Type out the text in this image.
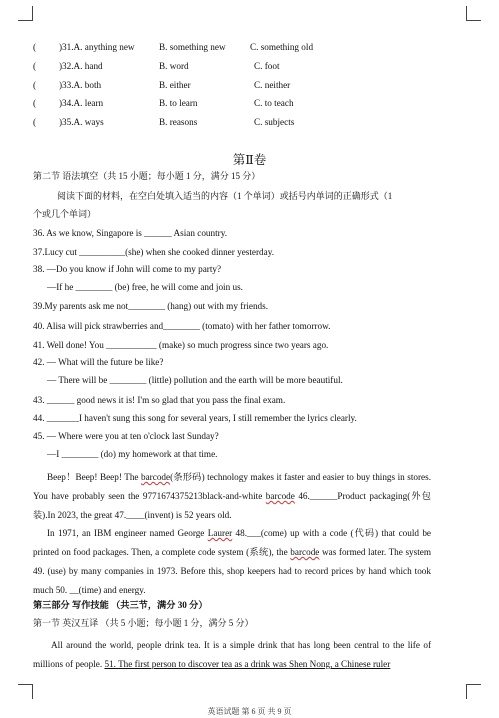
( )31.A. anything new	B. something new	C. something old
( )32.A. hand	B. word	C. foot
( )33.A. both	B. either	C. neither
( )34.A. learn	B. to learn	C. to teach
( )35.A. ways	B. reasons	C. subjects
第Ⅱ卷
第二节 语法填空（共 15 小题；每小题 1 分，满分 15 分）
阅读下面的材料，在空白处填入适当的内容（1 个单词）或括号内单词的正确形式（1
个或几个单词）
36. As we know, Singapore is ______ Asian country.
37.Lucy cut __________(she) when she cooked dinner yesterday.
38. —Do you know if John will come to my party?
—If he ________ (be) free, he will come and join us.
39.My parents ask me not________ (hang) out with my friends.
40. Alisa will pick strawberries and________ (tomato) with her father tomorrow.
41. Well done! You ___________ (make) so much progress since two years ago.
42. — What will the future be like?
— There will be ________ (little) pollution and the earth will be more beautiful.
43. ______ good news it is! I'm so glad that you pass the final exam.
44. _______I haven't sung this song for several years, I still remember the lyrics clearly.
45. — Where were you at ten o'clock last Sunday?
—I ________ (do) my homework at that time.
Beep！Beep! Beep! The barcode(条形码) technology makes it faster and easier to buy things in stores. You have probably seen the 9771674375213black-and-white barcode 46.______Product packaging(外包装).In 2023, the great 47.____(invent) is 52 years old.
In 1971, an IBM engineer named George Laurer 48.___(come) up with a code (代码) that could be printed on food packages. Then, a complete code system (系统), the barcode was formed later. The system 49. (use) by many companies in 1973. Before this, shop keepers had to record prices by hand which took much 50. __(time) and energy.
第三部分 写作技能 （共三节，满分 30 分）
第一节 英汉互译 （共 5 小题；每小题 1 分，满分 5 分）
All around the world, people drink tea. It is a simple drink that has long been central to the life of millions of people. 51. The first person to discover tea as a drink was Shen Nong, a Chinese ruler
英语试题 第 6 页 共 9 页
